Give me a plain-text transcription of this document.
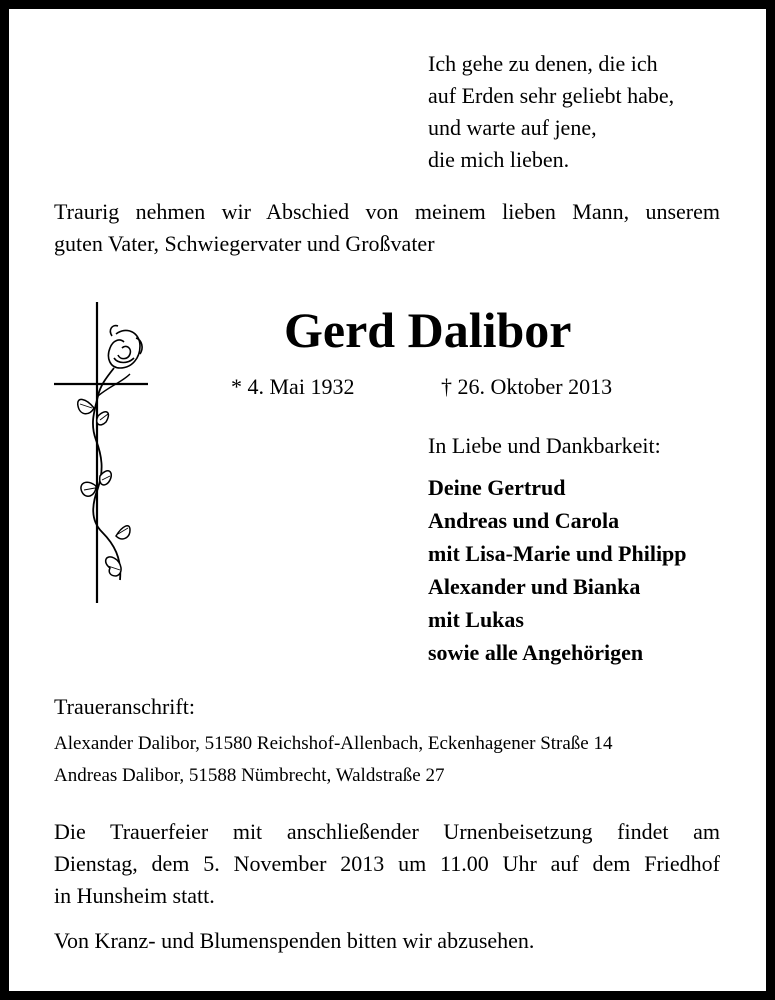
Ich gehe zu denen, die ich
auf Erden sehr geliebt habe,
und warte auf jene,
die mich lieben.
Traurig nehmen wir Abschied von meinem lieben Mann, unserem
guten Vater, Schwiegervater und Großvater
Gerd Dalibor
* 4. Mai 1932	† 26. Oktober 2013
In Liebe und Dankbarkeit:
Deine Gertrud
Andreas und Carola
mit Lisa-Marie und Philipp
Alexander und Bianka
mit Lukas
sowie alle Angehörigen
Traueranschrift:
Alexander Dalibor, 51580 Reichshof-Allenbach, Eckenhagener Straße 14
Andreas Dalibor, 51588 Nümbrecht, Waldstraße 27
Die Trauerfeier mit anschließender Urnenbeisetzung findet am
Dienstag, dem 5. November 2013 um 11.00 Uhr auf dem Friedhof
in Hunsheim statt.
Von Kranz- und Blumenspenden bitten wir abzusehen.
